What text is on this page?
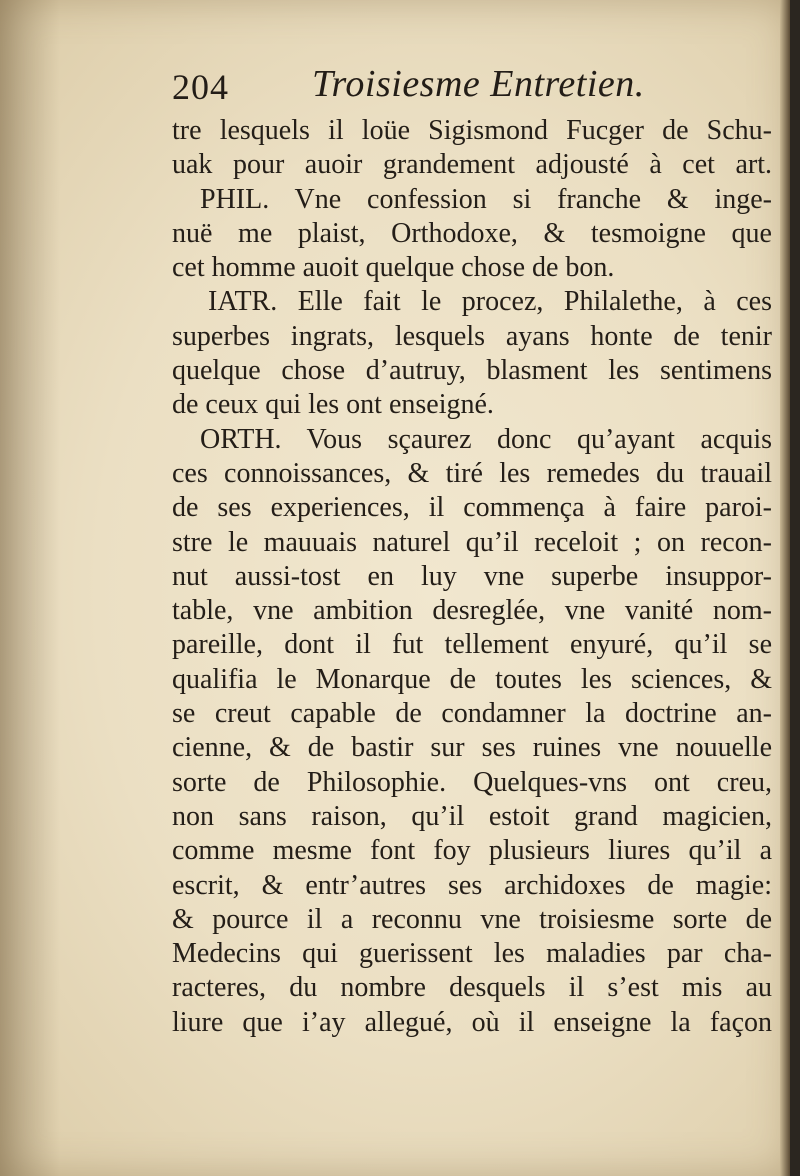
204 Troisiesme Entretien.
tre lesquels il loüe Sigismond Fucger de Schu-
uak pour auoir grandement adjousté à cet art.
PHIL. Vne confession si franche & inge-
nuë me plaist, Orthodoxe, & tesmoigne que
cet homme auoit quelque chose de bon.
IATR. Elle fait le procez, Philalethe, à ces
superbes ingrats, lesquels ayans honte de tenir
quelque chose d’autruy, blasment les sentimens
de ceux qui les ont enseigné.
ORTH. Vous sçaurez donc qu’ayant acquis
ces connoissances, & tiré les remedes du trauail
de ses experiences, il commença à faire paroi-
stre le mauuais naturel qu’il receloit ; on recon-
nut aussi-tost en luy vne superbe insuppor-
table, vne ambition desreglée, vne vanité nom-
pareille, dont il fut tellement enyuré, qu’il se
qualifia le Monarque de toutes les sciences, &
se creut capable de condamner la doctrine an-
cienne, & de bastir sur ses ruines vne nouuelle
sorte de Philosophie. Quelques-vns ont creu,
non sans raison, qu’il estoit grand magicien,
comme mesme font foy plusieurs liures qu’il a
escrit, & entr’autres ses archidoxes de magie:
& pource il a reconnu vne troisiesme sorte de
Medecins qui guerissent les maladies par cha-
racteres, du nombre desquels il s’est mis au
liure que i’ay allegué, où il enseigne la façon
